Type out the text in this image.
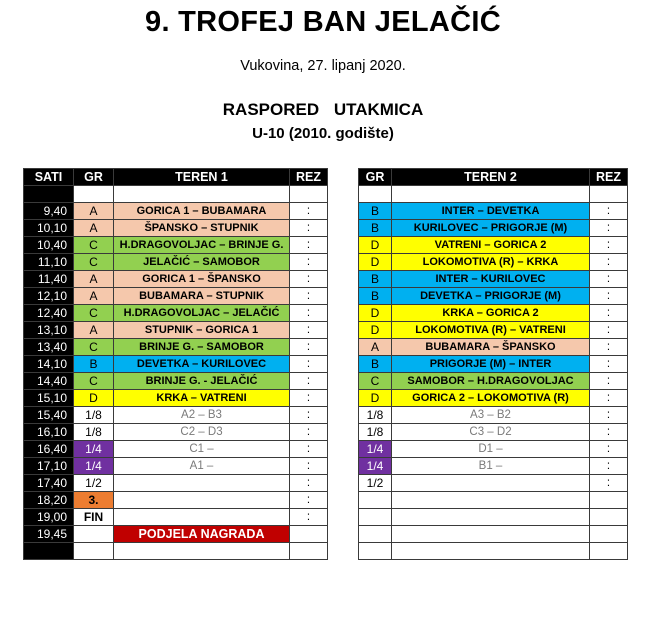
9. TROFEJ BAN JELAČIĆ
Vukovina, 27. lipanj 2020.
RASPORED UTAKMICA
U-10 (2010. godište)
SATI	GR	TEREN 1	REZ

9,40	A	GORICA 1 – BUBAMARA	:
10,10	A	ŠPANSKO – STUPNIK	:
10,40	C	H.DRAGOVOLJAC – BRINJE G.	:
11,10	C	JELAČIĆ – SAMOBOR	:
11,40	A	GORICA 1 – ŠPANSKO	:
12,10	A	BUBAMARA – STUPNIK	:
12,40	C	H.DRAGOVOLJAC – JELAČIĆ	:
13,10	A	STUPNIK – GORICA 1	:
13,40	C	BRINJE G. – SAMOBOR	:
14,10	B	DEVETKA – KURILOVEC	:
14,40	C	BRINJE G. - JELAČIĆ	:
15,10	D	KRKA – VATRENI	:
15,40	1/8	A2 – B3	:
16,10	1/8	C2 – D3	:
16,40	1/4	C1 –	:
17,10	1/4	A1 –	:
17,40	1/2		:
18,20	3.		:
19,00	FIN		:
19,45		PODJELA NAGRADA	

GR	TEREN 2	REZ

B	INTER – DEVETKA	:
B	KURILOVEC – PRIGORJE (M)	:
D	VATRENI – GORICA 2	:
D	LOKOMOTIVA (R) – KRKA	:
B	INTER – KURILOVEC	:
B	DEVETKA – PRIGORJE (M)	:
D	KRKA – GORICA 2	:
D	LOKOMOTIVA (R) – VATRENI	:
A	BUBAMARA – ŠPANSKO	:
B	PRIGORJE (M) – INTER	:
C	SAMOBOR – H.DRAGOVOLJAC	:
D	GORICA 2 – LOKOMOTIVA (R)	:
1/8	A3 – B2	:
1/8	C3 – D2	:
1/4	D1 –	:
1/4	B1 –	:
1/2		:
